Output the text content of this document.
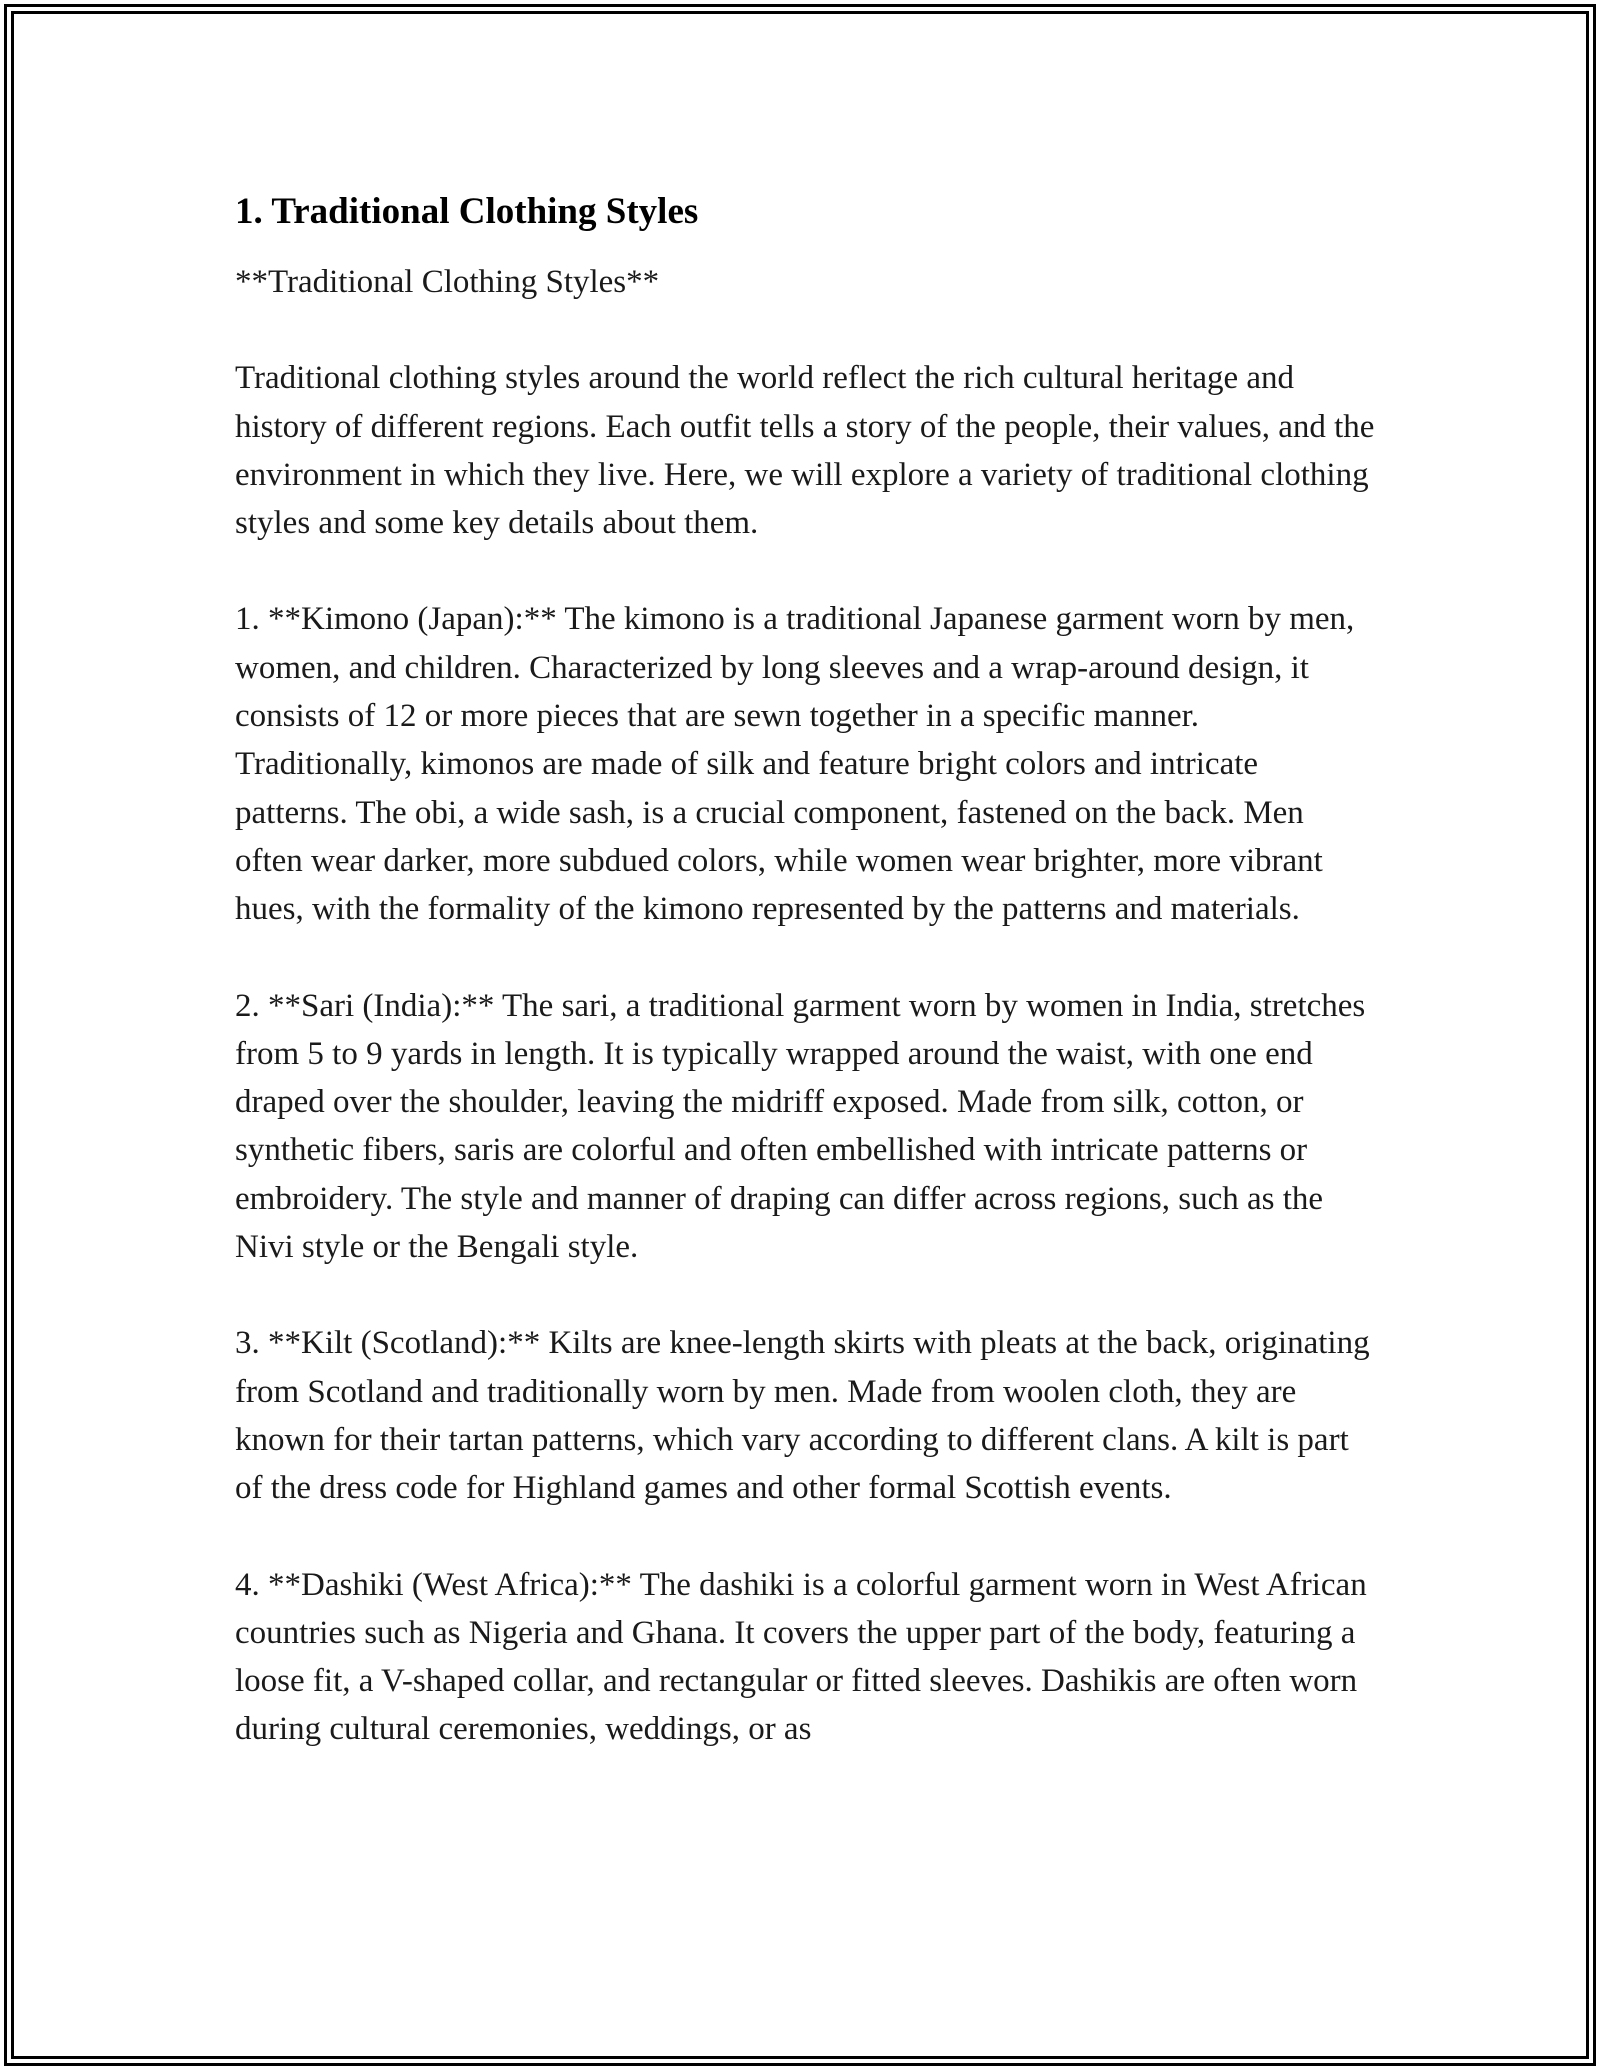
1. Traditional Clothing Styles

**Traditional Clothing Styles**

Traditional clothing styles around the world reflect the rich cultural heritage and history of different regions. Each outfit tells a story of the people, their values, and the environment in which they live. Here, we will explore a variety of traditional clothing styles and some key details about them.

1. **Kimono (Japan):** The kimono is a traditional Japanese garment worn by men, women, and children. Characterized by long sleeves and a wrap-around design, it consists of 12 or more pieces that are sewn together in a specific manner. Traditionally, kimonos are made of silk and feature bright colors and intricate patterns. The obi, a wide sash, is a crucial component, fastened on the back. Men often wear darker, more subdued colors, while women wear brighter, more vibrant hues, with the formality of the kimono represented by the patterns and materials.

2. **Sari (India):** The sari, a traditional garment worn by women in India, stretches from 5 to 9 yards in length. It is typically wrapped around the waist, with one end draped over the shoulder, leaving the midriff exposed. Made from silk, cotton, or synthetic fibers, saris are colorful and often embellished with intricate patterns or embroidery. The style and manner of draping can differ across regions, such as the Nivi style or the Bengali style.

3. **Kilt (Scotland):** Kilts are knee-length skirts with pleats at the back, originating from Scotland and traditionally worn by men. Made from woolen cloth, they are known for their tartan patterns, which vary according to different clans. A kilt is part of the dress code for Highland games and other formal Scottish events.

4. **Dashiki (West Africa):** The dashiki is a colorful garment worn in West African countries such as Nigeria and Ghana. It covers the upper part of the body, featuring a loose fit, a V-shaped collar, and rectangular or fitted sleeves. Dashikis are often worn during cultural ceremonies, weddings, or as
